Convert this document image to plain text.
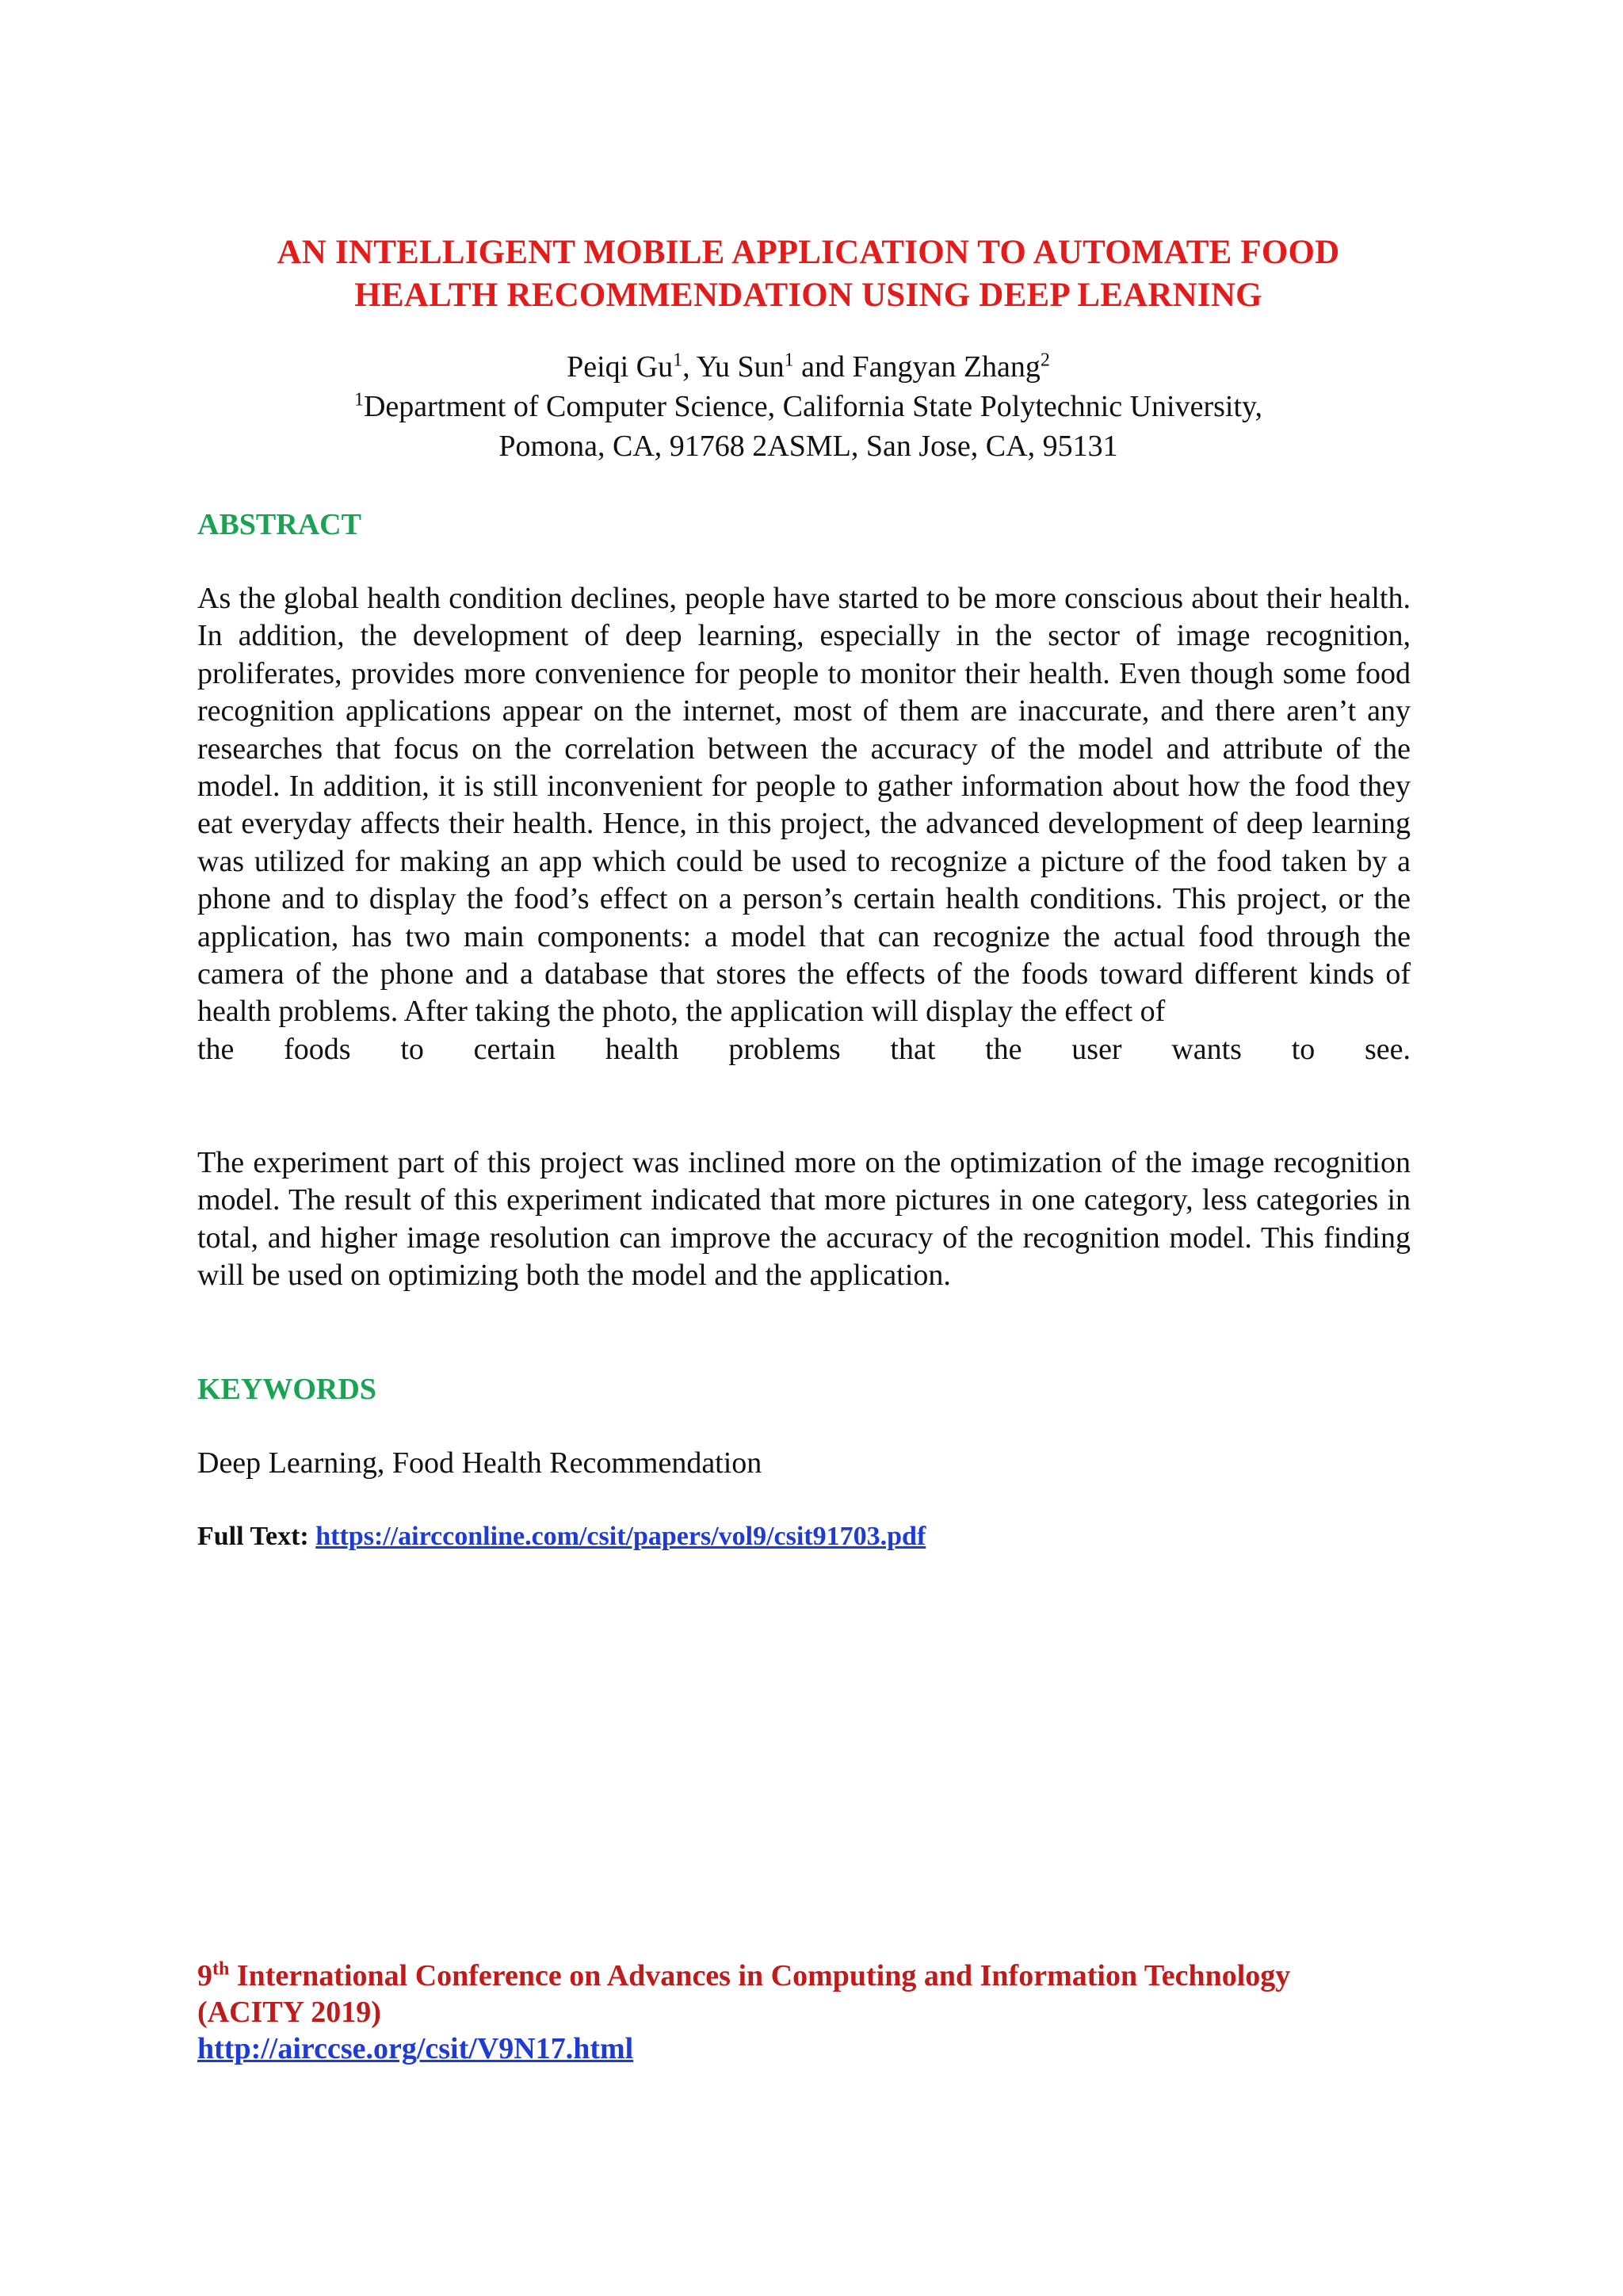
AN INTELLIGENT MOBILE APPLICATION TO AUTOMATE FOOD
HEALTH RECOMMENDATION USING DEEP LEARNING
Peiqi Gu$^1$, Yu Sun$^1$ and Fangyan Zhang$^2$
$^1$Department of Computer Science, California State Polytechnic University,
Pomona, CA, 91768 2ASML, San Jose, CA, 95131
ABSTRACT
As the global health condition declines, people have started to be more conscious about their health. In addition, the development of deep learning, especially in the sector of image recognition, proliferates, provides more convenience for people to monitor their health. Even though some food recognition applications appear on the internet, most of them are inaccurate, and there aren’t any researches that focus on the correlation between the accuracy of the model and attribute of the model. In addition, it is still inconvenient for people to gather information about how the food they eat everyday affects their health. Hence, in this project, the advanced development of deep learning was utilized for making an app which could be used to recognize a picture of the food taken by a phone and to display the food’s effect on a person’s certain health conditions. This project, or the application, has two main components: a model that can recognize the actual food through the camera of the phone and a database that stores the effects of the foods toward different kinds of health problems. After taking the photo, the application will display the effect of
the foods to certain health problems that the user wants to see.
The experiment part of this project was inclined more on the optimization of the image recognition model. The result of this experiment indicated that more pictures in one category, less categories in total, and higher image resolution can improve the accuracy of the recognition model. This finding will be used on optimizing both the model and the application.
KEYWORDS
Deep Learning, Food Health Recommendation
Full Text: https://aircconline.com/csit/papers/vol9/csit91703.pdf
9th International Conference on Advances in Computing and Information Technology
(ACITY 2019)
http://airccse.org/csit/V9N17.html
